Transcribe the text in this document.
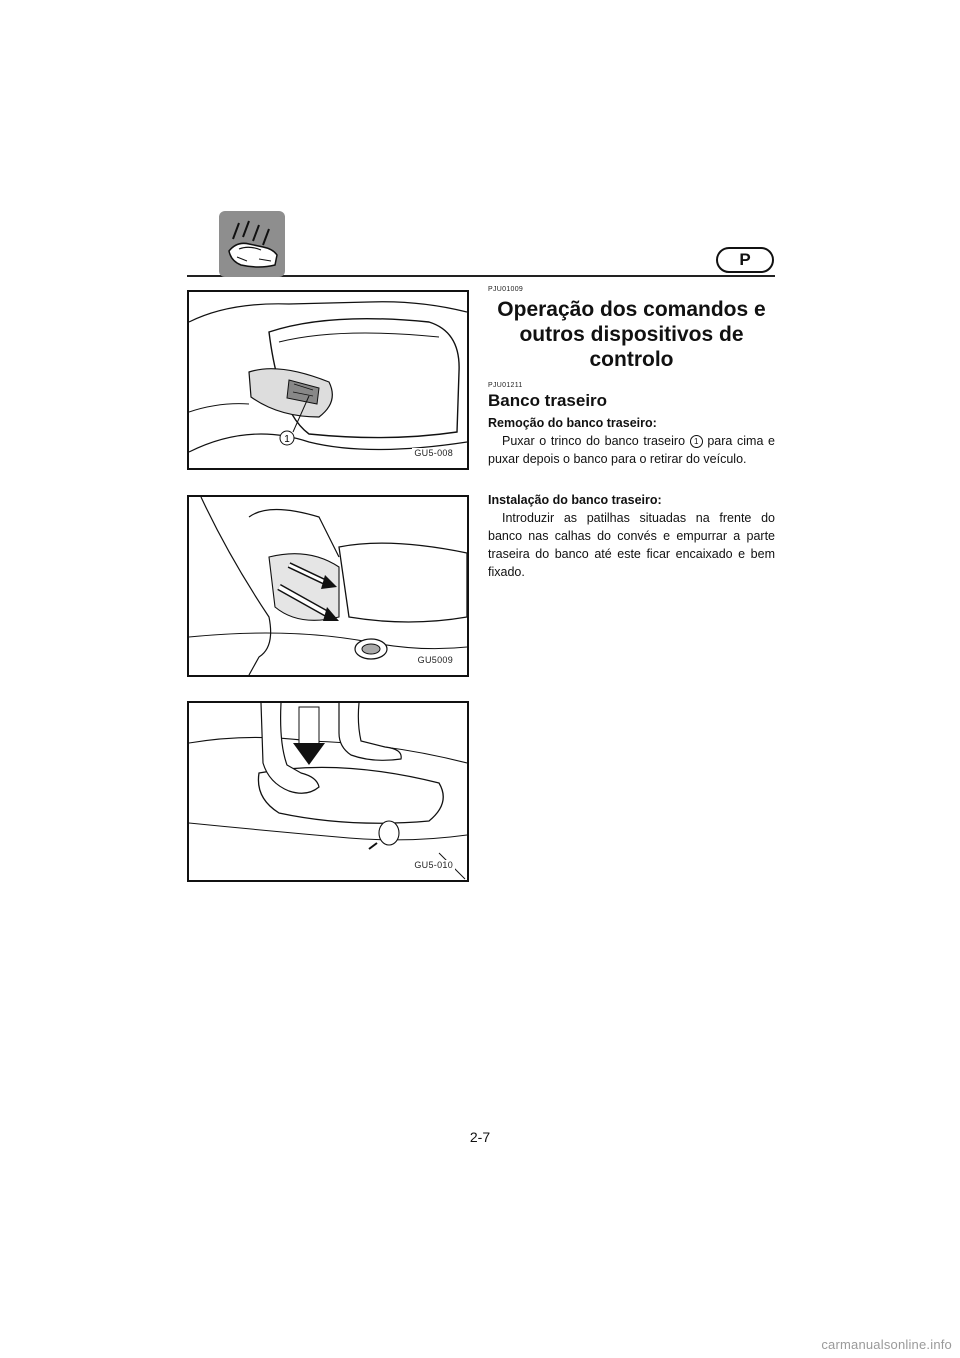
P
1
GU5-008
GU5009
GU5-010
PJU01009
Operação dos comandos e outros dispositivos de controlo
PJU01211
Banco traseiro
Remoção do banco traseiro:

Puxar o trinco do banco traseiro 1 para cima e puxar depois o banco para o retirar do veículo.

Instalação do banco traseiro:

Introduzir as patilhas situadas na frente do banco nas calhas do convés e empurrar a parte traseira do banco até este ficar encaixado e bem fixado.

2-7
carmanualsonline.info
